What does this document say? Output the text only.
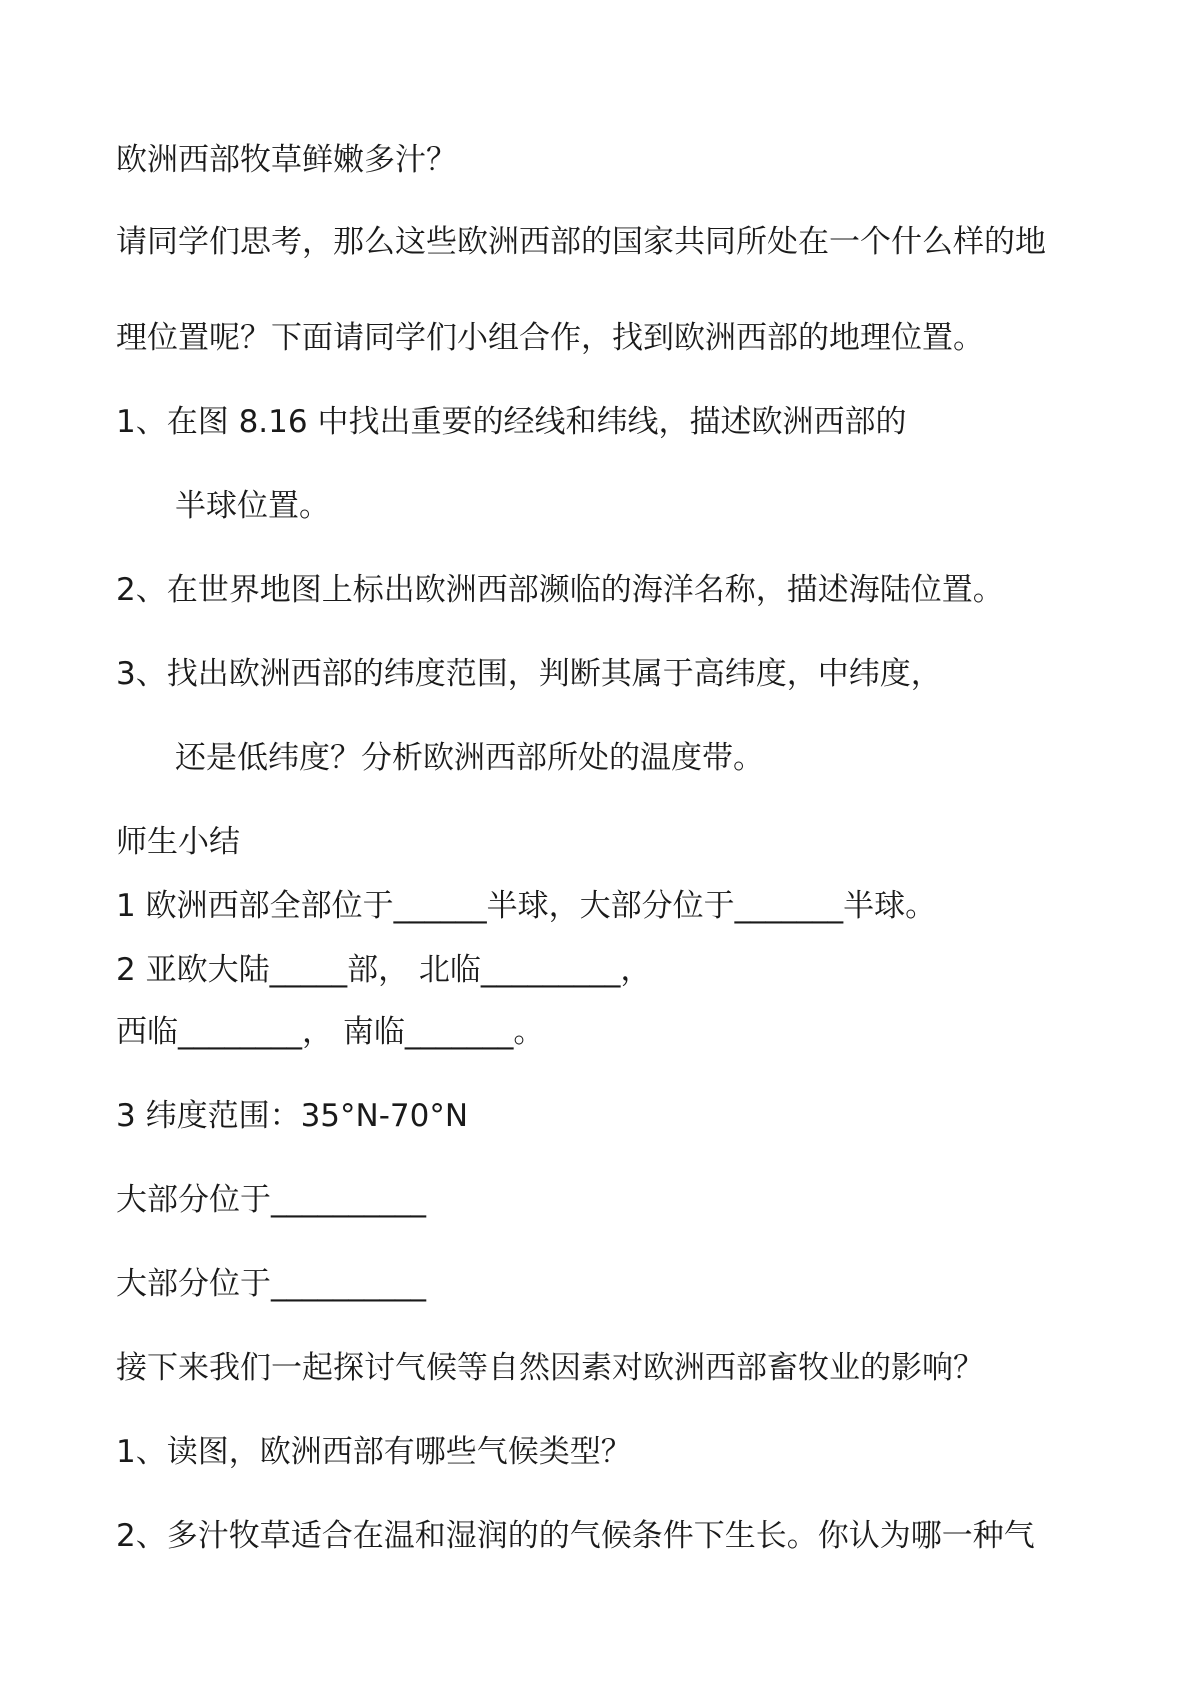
欧洲西部牧草鲜嫩多汁？
请同学们思考，那么这些欧洲西部的国家共同所处在一个什么样的地
理位置呢？下面请同学们小组合作，找到欧洲西部的地理位置。
1、在图 8.16 中找出重要的经线和纬线，描述欧洲西部的
半球位置。
2、在世界地图上标出欧洲西部濒临的海洋名称，描述海陆位置。
3、找出欧洲西部的纬度范围，判断其属于高纬度，中纬度，
还是低纬度？分析欧洲西部所处的温度带。
师生小结
1 欧洲西部全部位于______半球，大部分位于_______半球。
2 亚欧大陆_____部， 北临_________，
西临________， 南临_______。
3 纬度范围：35°N-70°N
大部分位于__________
大部分位于__________
接下来我们一起探讨气候等自然因素对欧洲西部畜牧业的影响？
1、读图，欧洲西部有哪些气候类型？
2、多汁牧草适合在温和湿润的的气候条件下生长。你认为哪一种气
